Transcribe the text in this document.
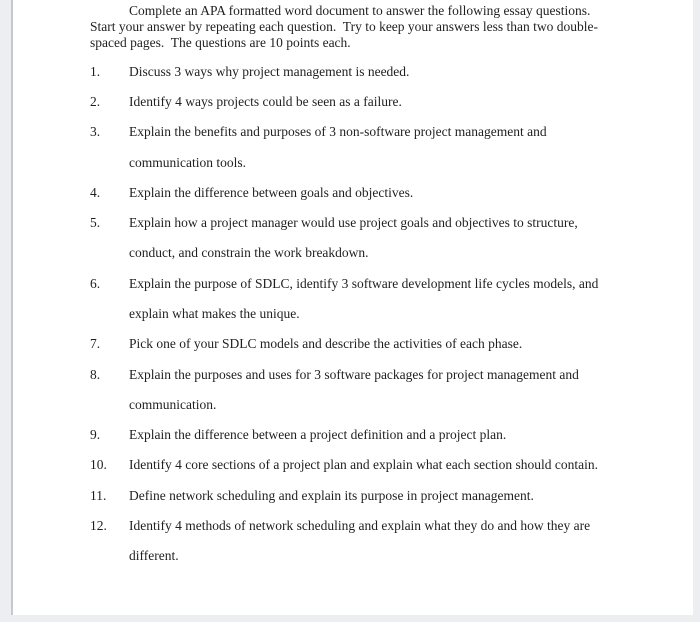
Complete an APA formatted word document to answer the following essay questions. Start your answer by repeating each question.  Try to keep your answers less than two double-spaced pages.  The questions are 10 points each.

1.	Discuss 3 ways why project management is needed.
2.	Identify 4 ways projects could be seen as a failure.
3.	Explain the benefits and purposes of 3 non-software project management and communication tools.
4.	Explain the difference between goals and objectives.
5.	Explain how a project manager would use project goals and objectives to structure, conduct, and constrain the work breakdown.
6.	Explain the purpose of SDLC, identify 3 software development life cycles models, and explain what makes the unique.
7.	Pick one of your SDLC models and describe the activities of each phase.
8.	Explain the purposes and uses for 3 software packages for project management and communication.
9.	Explain the difference between a project definition and a project plan.
10.	Identify 4 core sections of a project plan and explain what each section should contain.
11.	Define network scheduling and explain its purpose in project management.
12.	Identify 4 methods of network scheduling and explain what they do and how they are different.
